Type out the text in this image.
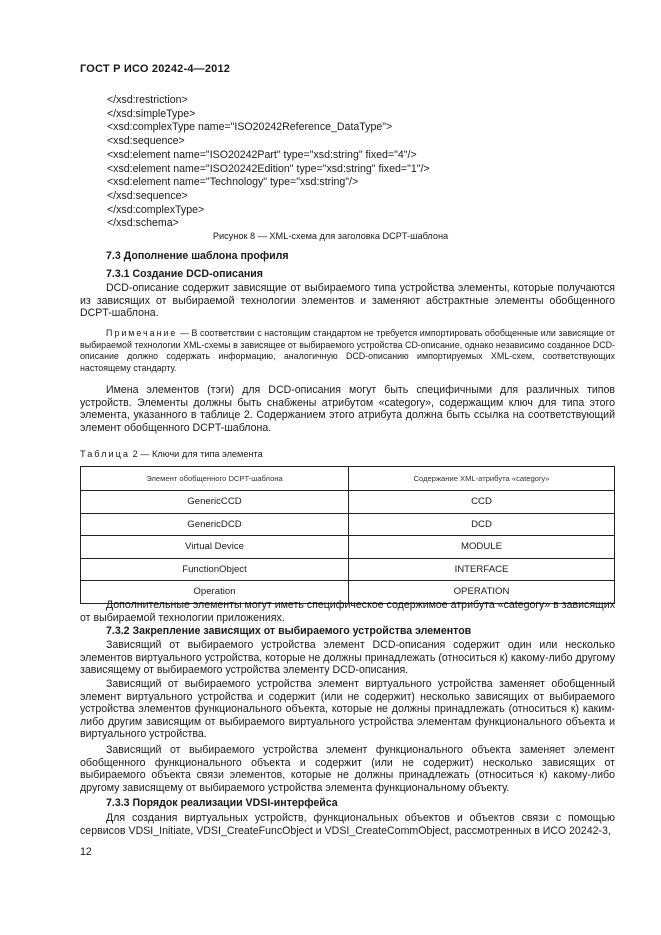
ГОСТ Р ИСО 20242-4—2012
</xsd:restriction>
</xsd:simpleType>
<xsd:complexType name="ISO20242Reference_DataType">
<xsd:sequence>
<xsd:element name="ISO20242Part" type="xsd:string" fixed="4"/>
<xsd:element name="ISO20242Edition" type="xsd:string" fixed="1"/>
<xsd:element name="Technology" type="xsd:string"/>
</xsd:sequence>
</xsd:complexType>
</xsd:schema>
Рисунок 8 — XML-схема для заголовка DCPT-шаблона
7.3 Дополнение шаблона профиля
7.3.1 Создание DCD-описания
DCD-описание содержит зависящие от выбираемого типа устройства элементы, которые получаются из зависящих от выбираемой технологии элементов и заменяют абстрактные элементы обобщенного DCPT-шаблона.
Примечание — В соответствии с настоящим стандартом не требуется импортировать обобщенные или зависящие от выбираемой технологии XML-схемы в зависящее от выбираемого устройства CD-описание, однако независимо созданное DCD-описание должно содержать информацию, аналогичную DCD-описанию импортируемых XML-схем, соответствующих настоящему стандарту.
Имена элементов (тэги) для DCD-описания могут быть специфичными для различных типов устройств. Элементы должны быть снабжены атрибутом «category», содержащим ключ для типа этого элемента, указанного в таблице 2. Содержанием этого атрибута должна быть ссылка на соответствующий элемент обобщенного DCPT-шаблона.
Таблица 2 — Ключи для типа элемента
Элемент обобщенного DCPT-шаблона	Содержание XML-атрибута «category»
GenericCCD	CCD
GenericDCD	DCD
Virtual Device	MODULE
FunctionObject	INTERFACE
Operation	OPERATION
Дополнительные элементы могут иметь специфическое содержимое атрибута «category» в зависящих от выбираемой технологии приложениях.
7.3.2 Закрепление зависящих от выбираемого устройства элементов
Зависящий от выбираемого устройства элемент DCD-описания содержит один или несколько элементов виртуального устройства, которые не должны принадлежать (относиться к) какому-либо другому зависящему от выбираемого устройства элементу DCD-описания.
Зависящий от выбираемого устройства элемент виртуального устройства заменяет обобщенный элемент виртуального устройства и содержит (или не содержит) несколько зависящих от выбираемого устройства элементов функционального объекта, которые не должны принадлежать (относиться к) каким-либо другим зависящим от выбираемого виртуального устройства элементам функционального объекта и виртуального устройства.
Зависящий от выбираемого устройства элемент функционального объекта заменяет элемент обобщенного функционального объекта и содержит (или не содержит) несколько зависящих от выбираемого объекта связи элементов, которые не должны принадлежать (относиться к) какому-либо другому зависящему от выбираемого устройства элемента функциональному объекту.
7.3.3 Порядок реализации VDSI-интерфейса
Для создания виртуальных устройств, функциональных объектов и объектов связи с помощью сервисов VDSI_Initiate, VDSI_CreateFuncObject и VDSI_CreateCommObject, рассмотренных в ИСО 20242-3,
12
